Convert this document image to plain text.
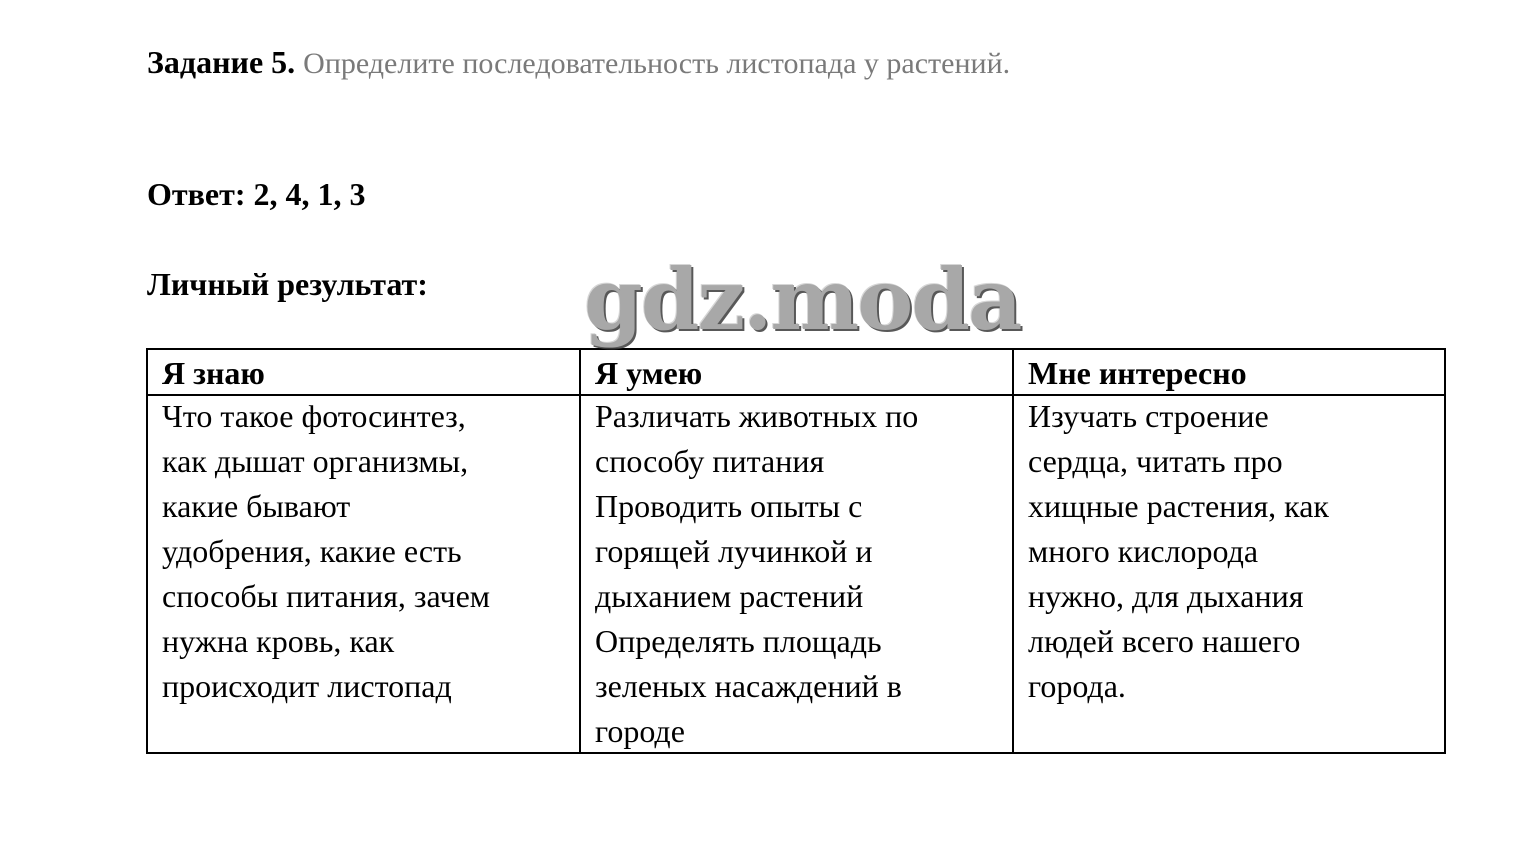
Задание 5. Определите последовательность листопада у растений.
Ответ: 2, 4, 1, 3
Личный результат: gdz.moda
Я знаю	Я умею	Мне интересно
Что такое фотосинтез,
как дышат организмы,
какие бывают
удобрения, какие есть
способы питания, зачем
нужна кровь, как
происходит листопад
Различать животных по
способу питания
Проводить опыты с
горящей лучинкой и
дыханием растений
Определять площадь
зеленых насаждений в
городе
Изучать строение
сердца, читать про
хищные растения, как
много кислорода
нужно, для дыхания
людей всего нашего
города.
